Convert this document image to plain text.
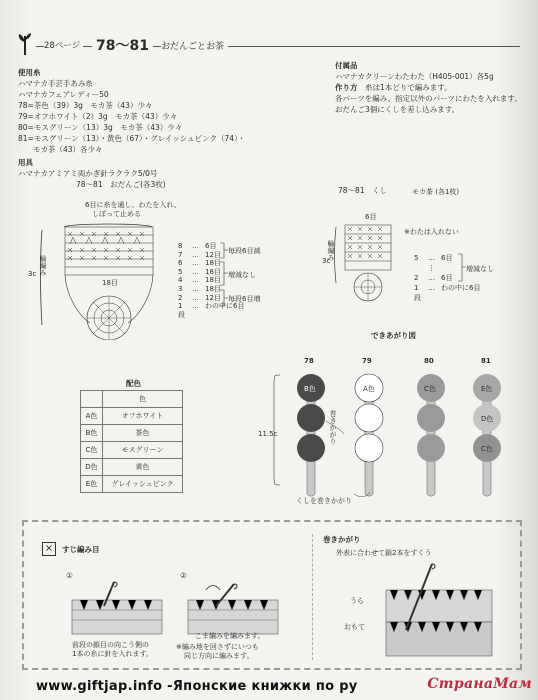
28ページ 78〜81	おだんごとお茶
使用糸
ハマナカ手芸手あみ糸
ハマナカフェアレディー50
78=茶色（39）3g　モカ茶（43）少々
79=オフホワイト（2）3g　モカ茶（43）少々
80=モスグリーン（13）3g　モカ茶（43）少々
81=モスグリーン（13）・黄色（67）・グレイッシュピンク（74）・
　　モカ茶（43）各少々
用具
ハマナカアミアミ両かぎ針ラクラク5/0号
付属品
ハマナカクリーンわたわた（H405-001）各5g
作り方 糸は1本どりで編みます。
各パーツを編み、指定以外のパーツにわたを入れます。
おだんご3個にくしを差し込みます。
78〜81　おだんご(各3枚)
6目に糸を通し、わたを入れ、
しぼって止める
輪編み
3c
18目
8	… 6目
7	… 12目
6	… 18目
5	… 18目
4	… 18目
3	… 18目
2	… 12目
1	… わの中に6目
段
毎段6目減
増減なし
毎段6目増
78〜81　くし	モカ茶 (各1枚)
6目
※わたは入れない
輪編み
3c	5	… 6目
⋮
2	… 6目
1	… わの中に6目
段
増減なし
配色
	色
A色	オフホワイト
B色	茶色
C色	モスグリーン
D色	黄色
E色	グレイッシュピンク
できあがり図
11.5c
78	79	80	81
B色	A色	C色	E色
D色
C色
巻きかがり
くしを巻きかがり
×	すじ編み目
①	②
前段の鎖目の向こう側の
1本の糸に針を入れます。
こま編みを編みます。
※編み地を回さずにいつも
同じ方向に編みます。
巻きかがり
外表に合わせて鎖2本をすくう
うら
おもて
www.giftjap.info -Японские книжки по ру	СтранаМам
